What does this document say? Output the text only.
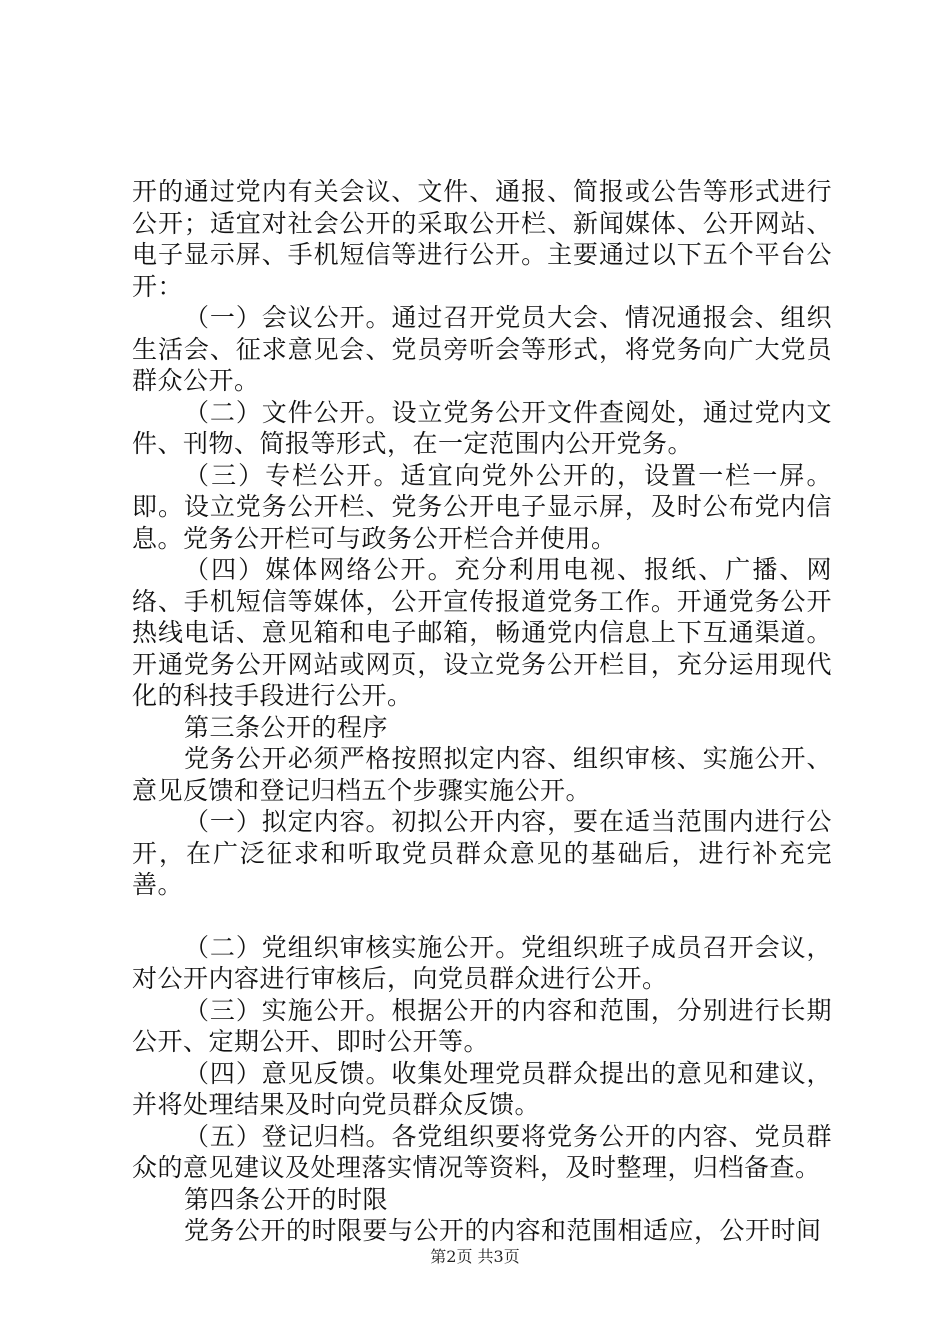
开的通过党内有关会议、文件、通报、简报或公告等形式进行公开；适宜对社会公开的采取公开栏、新闻媒体、公开网站、电子显示屏、手机短信等进行公开。主要通过以下五个平台公开：

（一）会议公开。通过召开党员大会、情况通报会、组织生活会、征求意见会、党员旁听会等形式，将党务向广大党员群众公开。

（二）文件公开。设立党务公开文件查阅处，通过党内文件、刊物、简报等形式，在一定范围内公开党务。

（三）专栏公开。适宜向党外公开的，设置一栏一屏。即。设立党务公开栏、党务公开电子显示屏，及时公布党内信息。党务公开栏可与政务公开栏合并使用。

（四）媒体网络公开。充分利用电视、报纸、广播、网络、手机短信等媒体，公开宣传报道党务工作。开通党务公开热线电话、意见箱和电子邮箱，畅通党内信息上下互通渠道。开通党务公开网站或网页，设立党务公开栏目，充分运用现代化的科技手段进行公开。

第三条公开的程序

党务公开必须严格按照拟定内容、组织审核、实施公开、意见反馈和登记归档五个步骤实施公开。

（一）拟定内容。初拟公开内容，要在适当范围内进行公开，在广泛征求和听取党员群众意见的基础后，进行补充完善。

（二）党组织审核实施公开。党组织班子成员召开会议，对公开内容进行审核后，向党员群众进行公开。

（三）实施公开。根据公开的内容和范围，分别进行长期公开、定期公开、即时公开等。

（四）意见反馈。收集处理党员群众提出的意见和建议，并将处理结果及时向党员群众反馈。

（五）登记归档。各党组织要将党务公开的内容、党员群众的意见建议及处理落实情况等资料，及时整理，归档备查。

第四条公开的时限

党务公开的时限要与公开的内容和范围相适应，公开时间

第2页 共3页
